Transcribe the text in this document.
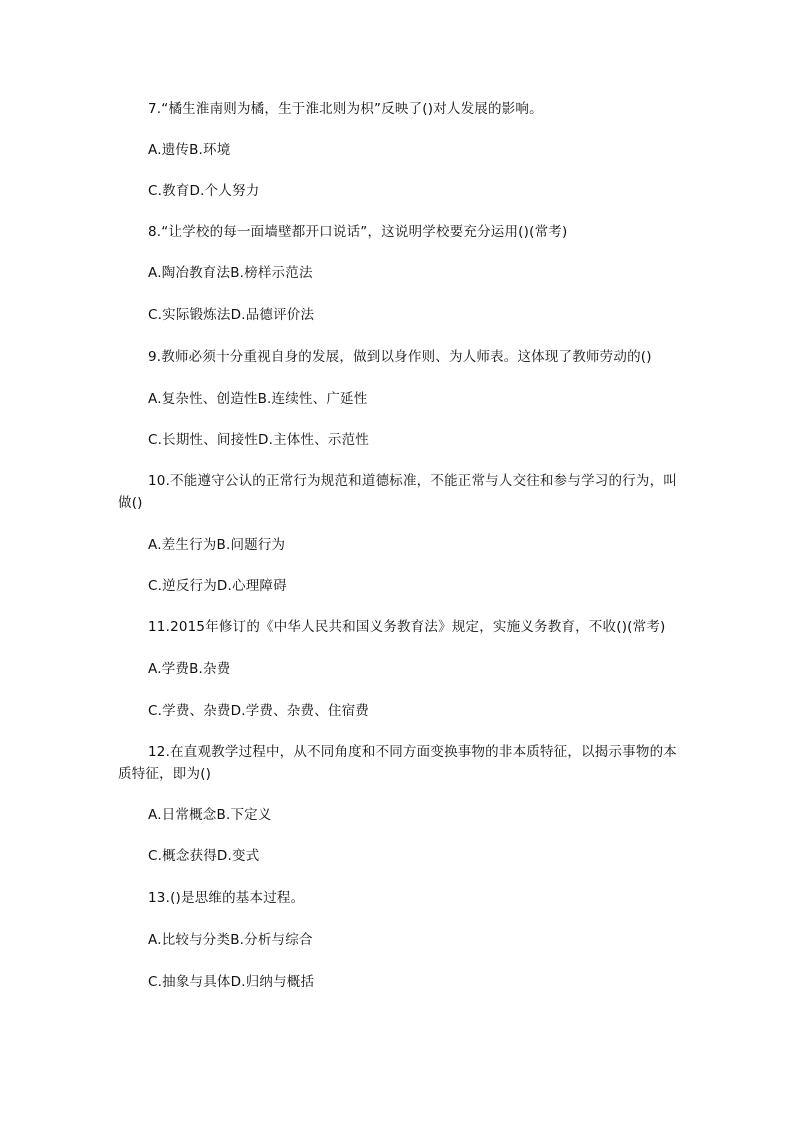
7.“橘生淮南则为橘，生于淮北则为枳”反映了()对人发展的影响。

A.遗传B.环境

C.教育D.个人努力

8.“让学校的每一面墙壁都开口说话”，这说明学校要充分运用()(常考)

A.陶冶教育法B.榜样示范法

C.实际锻炼法D.品德评价法

9.教师必须十分重视自身的发展，做到以身作则、为人师表。这体现了教师劳动的()

A.复杂性、创造性B.连续性、广延性

C.长期性、间接性D.主体性、示范性

10.不能遵守公认的正常行为规范和道德标准，不能正常与人交往和参与学习的行为，叫做()

A.差生行为B.问题行为

C.逆反行为D.心理障碍

11.2015年修订的《中华人民共和国义务教育法》规定，实施义务教育，不收()(常考)

A.学费B.杂费

C.学费、杂费D.学费、杂费、住宿费

12.在直观教学过程中，从不同角度和不同方面变换事物的非本质特征，以揭示事物的本质特征，即为()

A.日常概念B.下定义

C.概念获得D.变式

13.()是思维的基本过程。

A.比较与分类B.分析与综合

C.抽象与具体D.归纳与概括
